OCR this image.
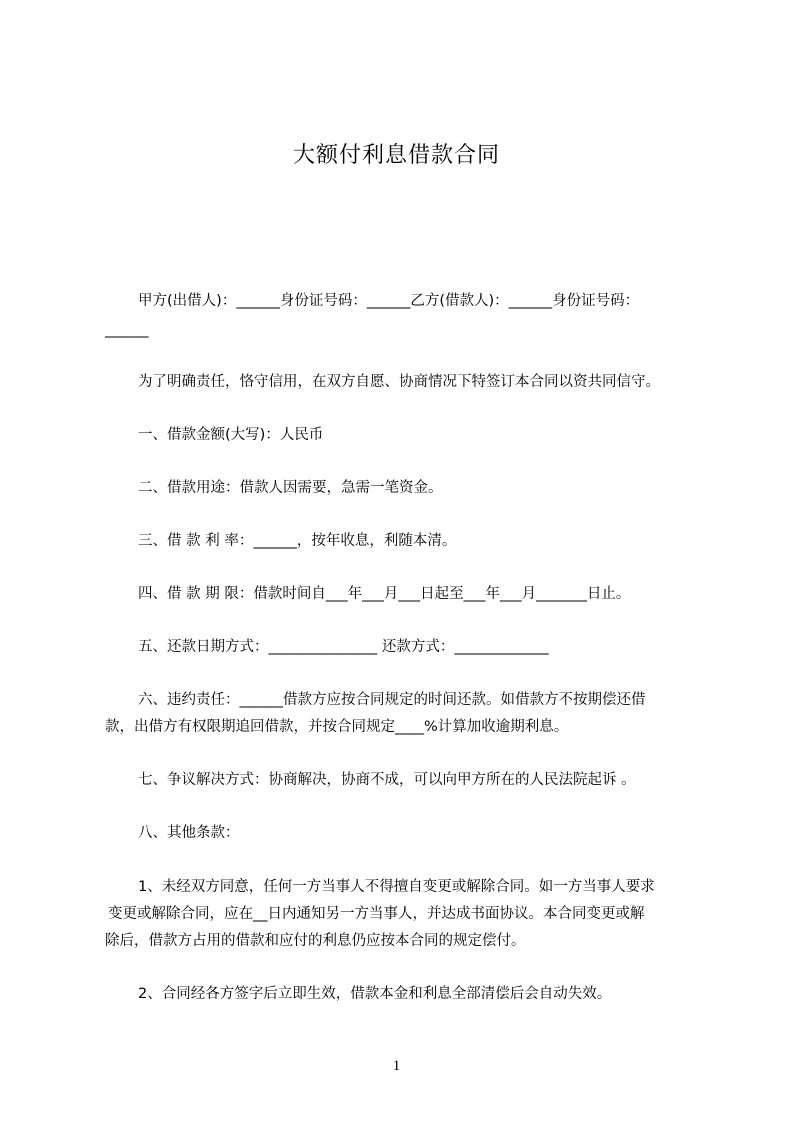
大额付利息借款合同
甲方(出借人)：______身份证号码：______乙方(借款人)：______身份证号码：
______
为了明确责任，恪守信用，在双方自愿、协商情况下特签订本合同以资共同信守。
一、借款金额(大写)：人民币
二、借款用途：借款人因需要，急需一笔资金。
三、借 款 利 率：______，按年收息，利随本清。
四、借 款 期 限：借款时间自___年___月___日起至___年___月_______日止。
五、还款日期方式：_______________ 还款方式：_____________
六、违约责任：______借款方应按合同规定的时间还款。如借款方不按期偿还借
款，出借方有权限期追回借款，并按合同规定____%计算加收逾期利息。
七、争议解决方式：协商解决，协商不成，可以向甲方所在的人民法院起诉 。
八、其他条款：
1、未经双方同意，任何一方当事人不得擅自变更或解除合同。如一方当事人要求
变更或解除合同，应在__日内通知另一方当事人，并达成书面协议。本合同变更或解
除后，借款方占用的借款和应付的利息仍应按本合同的规定偿付。
2、合同经各方签字后立即生效，借款本金和利息全部清偿后会自动失效。
1
